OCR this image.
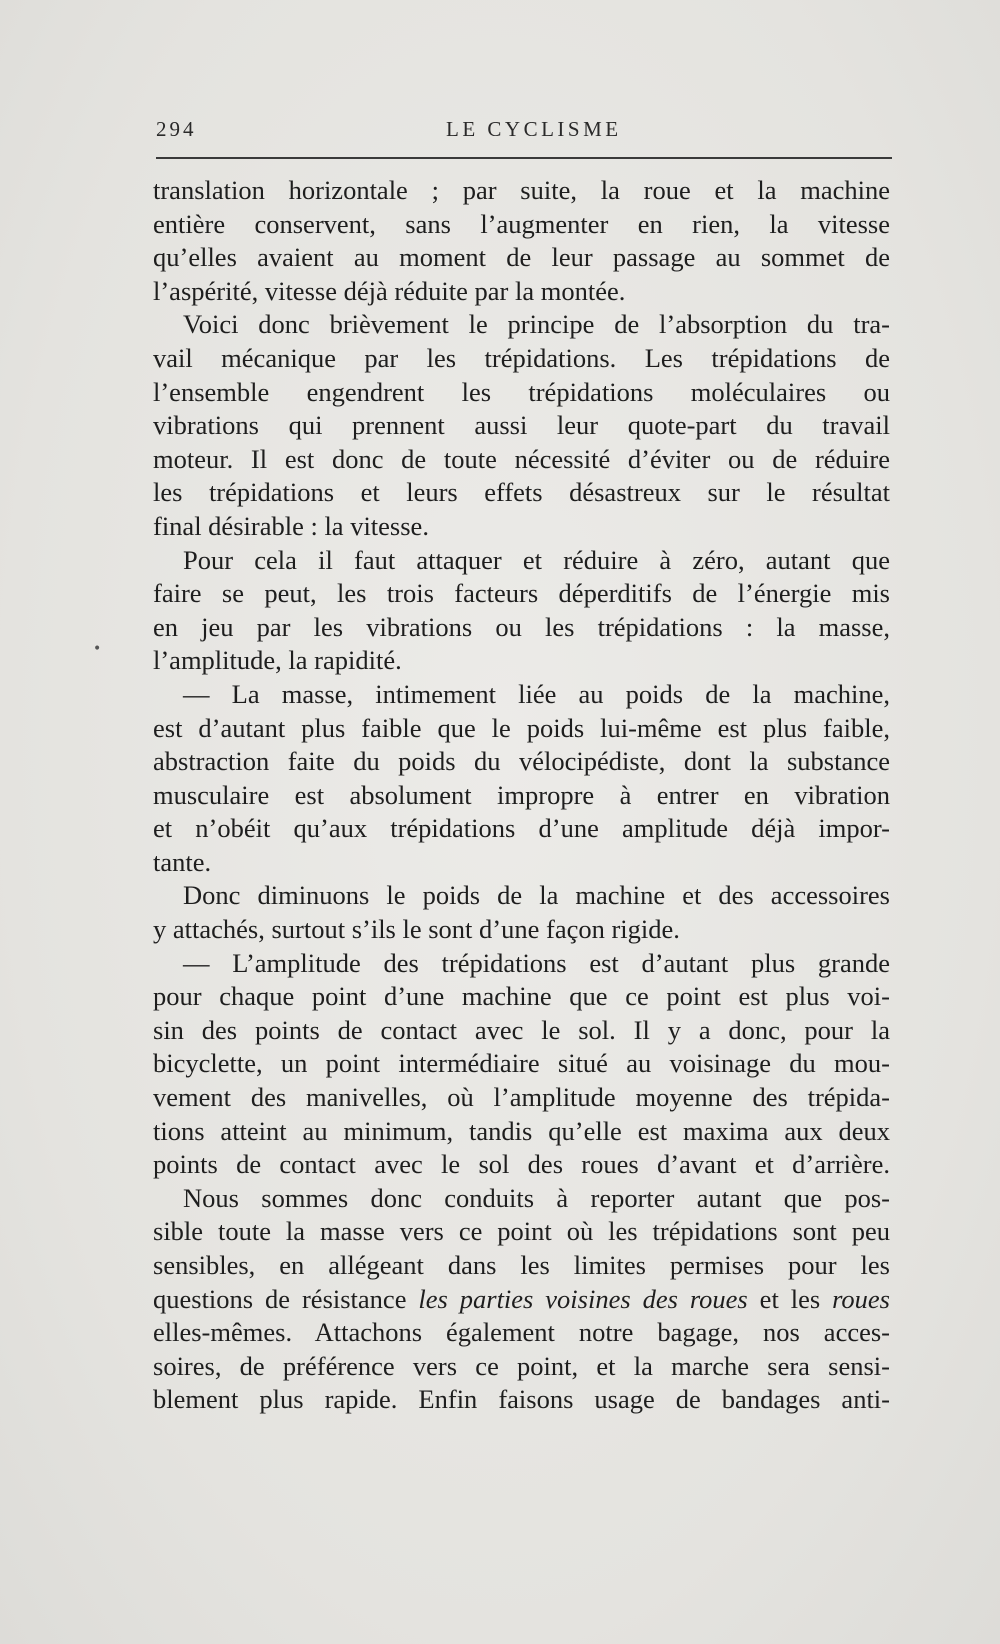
294	LE CYCLISME
•
translation horizontale ; par suite, la roue et la machine
entière conservent, sans l’augmenter en rien, la vitesse
qu’elles avaient au moment de leur passage au sommet de
l’aspérité, vitesse déjà réduite par la montée.
Voici donc brièvement le principe de l’absorption du tra-
vail mécanique par les trépidations. Les trépidations de
l’ensemble engendrent les trépidations moléculaires ou
vibrations qui prennent aussi leur quote-part du travail
moteur. Il est donc de toute nécessité d’éviter ou de réduire
les trépidations et leurs effets désastreux sur le résultat
final désirable : la vitesse.
Pour cela il faut attaquer et réduire à zéro, autant que
faire se peut, les trois facteurs déperditifs de l’énergie mis
en jeu par les vibrations ou les trépidations : la masse,
l’amplitude, la rapidité.
— La masse, intimement liée au poids de la machine,
est d’autant plus faible que le poids lui-même est plus faible,
abstraction faite du poids du vélocipédiste, dont la substance
musculaire est absolument impropre à entrer en vibration
et n’obéit qu’aux trépidations d’une amplitude déjà impor-
tante.
Donc diminuons le poids de la machine et des accessoires
y attachés, surtout s’ils le sont d’une façon rigide.
— L’amplitude des trépidations est d’autant plus grande
pour chaque point d’une machine que ce point est plus voi-
sin des points de contact avec le sol. Il y a donc, pour la
bicyclette, un point intermédiaire situé au voisinage du mou-
vement des manivelles, où l’amplitude moyenne des trépida-
tions atteint au minimum, tandis qu’elle est maxima aux deux
points de contact avec le sol des roues d’avant et d’arrière.
Nous sommes donc conduits à reporter autant que pos-
sible toute la masse vers ce point où les trépidations sont peu
sensibles, en allégeant dans les limites permises pour les
questions de résistance les parties voisines des roues et les roues
elles-mêmes. Attachons également notre bagage, nos acces-
soires, de préférence vers ce point, et la marche sera sensi-
blement plus rapide. Enfin faisons usage de bandages anti-
